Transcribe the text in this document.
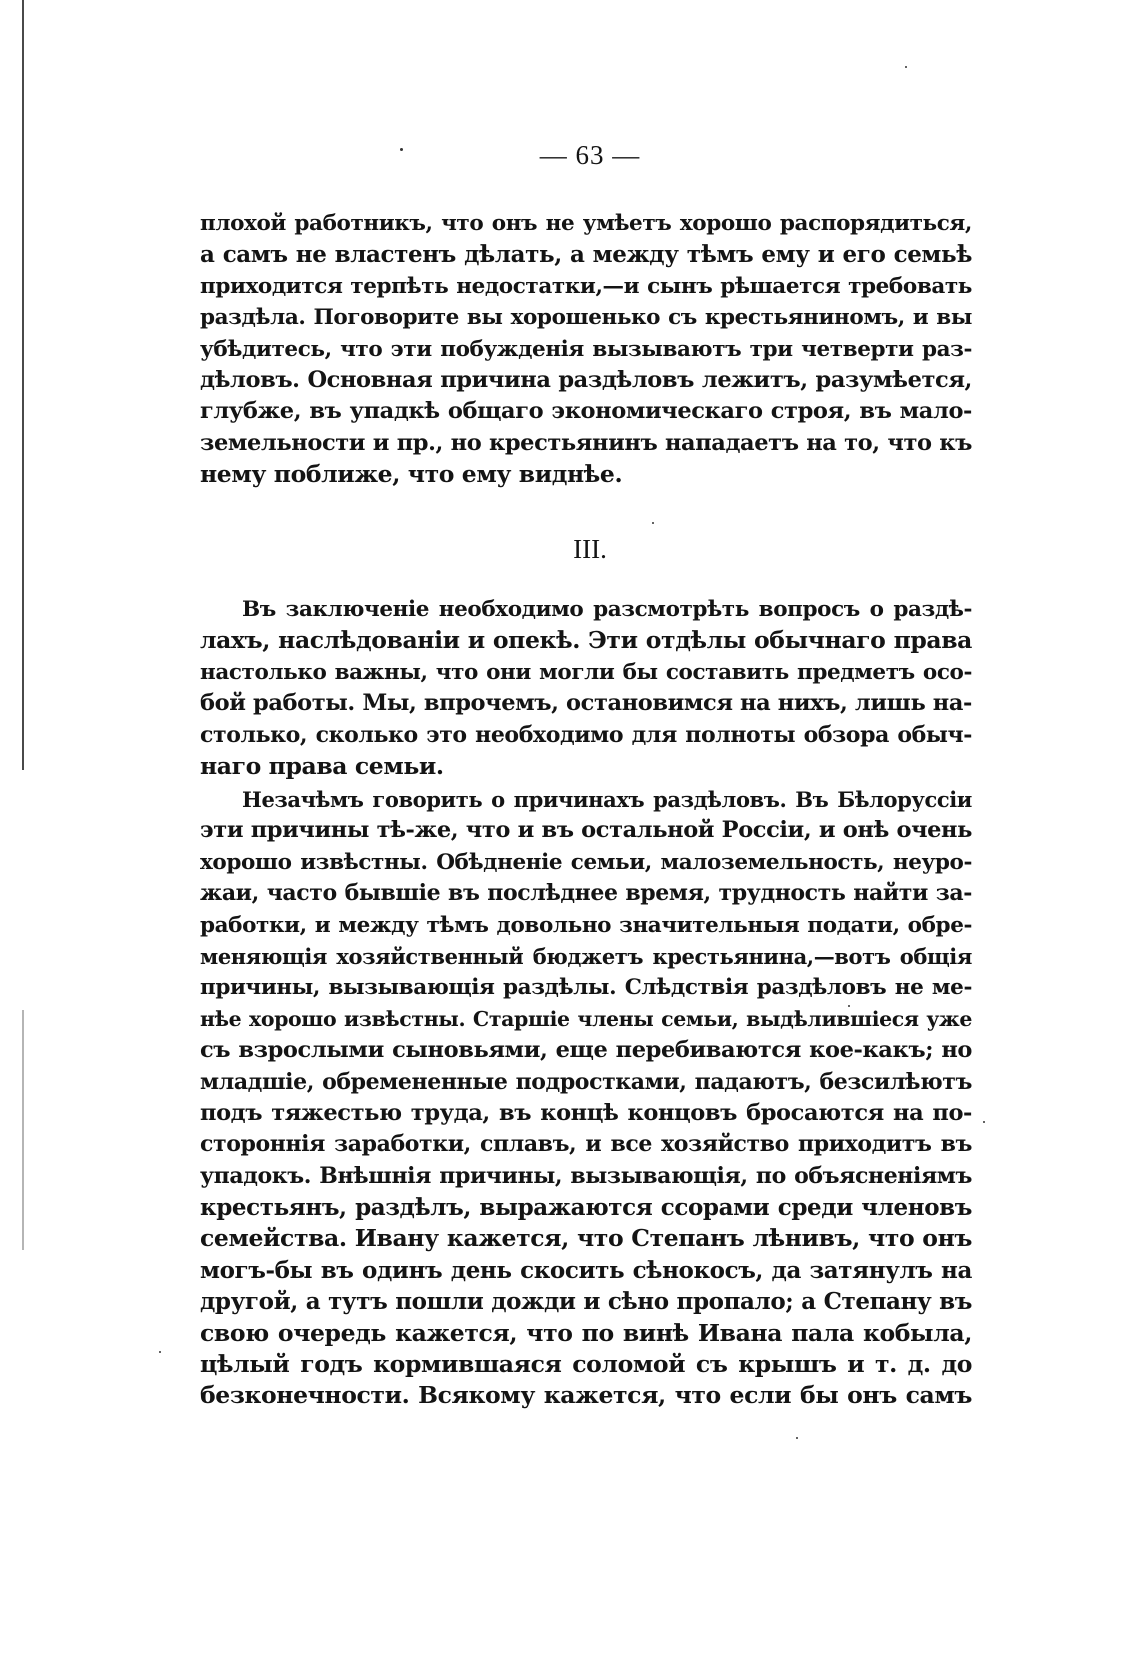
— 63 —
плохой работникъ, что онъ не умѣетъ хорошо распорядиться,
а самъ не властенъ дѣлать, а между тѣмъ ему и его семьѣ
приходится терпѣть недостатки,—и сынъ рѣшается требовать
раздѣла. Поговорите вы хорошенько съ крестьяниномъ, и вы
убѣдитесь, что эти побужденія вызываютъ три четверти раз-
дѣловъ. Основная причина раздѣловъ лежитъ, разумѣется,
глубже, въ упадкѣ общаго экономическаго строя, въ мало-
земельности и пр., но крестьянинъ нападаетъ на то, что къ
нему поближе, что ему виднѣе.
III.
Въ заключеніе необходимо разсмотрѣть вопросъ о раздѣ-
лахъ, наслѣдованіи и опекѣ. Эти отдѣлы обычнаго права
настолько важны, что они могли бы составить предметъ осо-
бой работы. Мы, впрочемъ, остановимся на нихъ, лишь на-
столько, сколько это необходимо для полноты обзора обыч-
наго права семьи.
Незачѣмъ говорить о причинахъ раздѣловъ. Въ Бѣлоруссіи
эти причины тѣ-же, что и въ остальной Россіи, и онѣ очень
хорошо извѣстны. Обѣдненіе семьи, малоземельность, неуро-
жаи, часто бывшіе въ послѣднее время, трудность найти за-
работки, и между тѣмъ довольно значительныя подати, обре-
меняющія хозяйственный бюджетъ крестьянина,—вотъ общія
причины, вызывающія раздѣлы. Слѣдствія раздѣловъ не ме-
нѣе хорошо извѣстны. Старшіе члены семьи, выдѣлившіеся уже
съ взрослыми сыновьями, еще перебиваются кое-какъ; но
младшіе, обремененные подростками, падаютъ, безсилѣютъ
подъ тяжестью труда, въ концѣ концовъ бросаются на по-
стороннія заработки, сплавъ, и все хозяйство приходитъ въ
упадокъ. Внѣшнія причины, вызывающія, по объясненіямъ
крестьянъ, раздѣлъ, выражаются ссорами среди членовъ
семейства. Ивану кажется, что Степанъ лѣнивъ, что онъ
могъ-бы въ одинъ день скосить сѣнокосъ, да затянулъ на
другой, а тутъ пошли дожди и сѣно пропало; а Степану въ
свою очередь кажется, что по винѣ Ивана пала кобыла,
цѣлый годъ кормившаяся соломой съ крышъ и т. д. до
безконечности. Всякому кажется, что если бы онъ самъ
